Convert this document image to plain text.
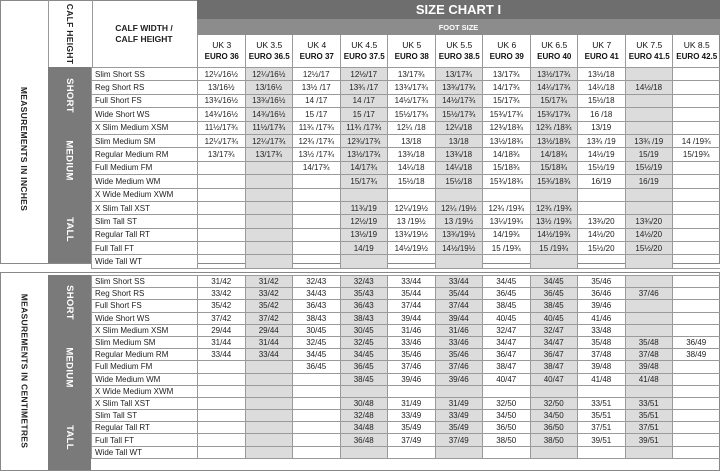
MEASUREMENTS IN INCHES
CALF HEIGHT	CALF WIDTH /
CALF HEIGHT
SIZE CHART I
FOOT SIZE
UK 3
EURO 36
UK 3.5
EURO 36.5
UK 4
EURO 37
UK 4.5
EURO 37.5
UK 5
EURO 38
UK 5.5
EURO 38.5
UK 6
EURO 39
UK 6.5
EURO 40
UK 7
EURO 41
UK 7.5
EURO 41.5
UK 8.5
EURO 42.5
SHORT
MEDIUM
TALL
Slim Short SS	12¼/16½	12¼/16½	12½/17	12½/17	13/17¾	13/17¾	13/17¾	13½/17¾	13½/18		
Reg Short RS	13/16½	13/16½	13½ /17	13¾ /17	13¾/17¾	13¾/17¾	14/17¾	14¼/17¾	14¼/18	14½/18	
Full Short FS	13¾/16½	13¾/16½	14 /17	14 /17	14½/17¾	14½/17¾	15/17¾	15/17¾	15½/18		
Wide Short WS	14¾/16½	14¾/16½	15 /17	15 /17	15½/17¾	15½/17¾	15¾/17¾	15¾/17¾	16 /18		
X Slim Medium XSM	11½/17¾	11½/17¾	11¾ /17¾	11¾ /17¾	12¼ /18	12¼/18	12¾/18¾	12¾ /18¾	13/19		
Slim Medium SM	12¼/17¾	12¼/17¾	12¾ /17¾	12¾/17¾	13/18	13/18	13½/18¾	13½/18¾	13¾ /19	13¾ /19	14 /19¾
Regular Medium RM	13/17¾	13/17¾	13½ /17¾	13½/17¾	13¾/18	13¾/18	14/18¾	14/18¾	14½/19	15/19	15/19¾
Full Medium FM			14/17¾	14/17¾	14¼/18	14¼/18	15/18¾	15/18¾	15½/19	15½/19	
Wide Medium WM				15/17¾	15½/18	15½/18	15¾/18¾	15¾/18¾	16/19	16/19	
X Wide Medium XWM											
X Slim Tall XST				11¾/19	12¼/19½	12¼ /19½	12¾ /19¾	12¾ /19¾			
Slim Tall ST				12½/19	13 /19½	13 /19½	13¼/19¾	13½ /19¾	13¾/20	13¾/20	
Regular Tall RT				13½/19	13¾/19½	13¾/19½	14/19¾	14½/19¾	14½/20	14½/20	
Full Tall FT				14/19	14½/19½	14½/19½	15 /19¾	15 /19¾	15½/20	15½/20	
Wide Tall WT											
MEASUREMENTS IN CENTIMETRES	SHORT
MEDIUM
TALL
Slim Short SS	31/42	31/42	32/43	32/43	33/44	33/44	34/45	34/45	35/46		
Reg Short RS	33/42	33/42	34/43	35/43	35/44	35/44	36/45	36/45	36/46	37/46	
Full Short FS	35/42	35/42	36/43	36/43	37/44	37/44	38/45	38/45	39/46		
Wide Short WS	37/42	37/42	38/43	38/43	39/44	39/44	40/45	40/45	41/46		
X Slim Medium XSM	29/44	29/44	30/45	30/45	31/46	31/46	32/47	32/47	33/48		
Slim Medium SM	31/44	31/44	32/45	32/45	33/46	33/46	34/47	34/47	35/48	35/48	36/49
Regular Medium RM	33/44	33/44	34/45	34/45	35/46	35/46	36/47	36/47	37/48	37/48	38/49
Full Medium FM			36/45	36/45	37/46	37/46	38/47	38/47	39/48	39/48	
Wide Medium WM				38/45	39/46	39/46	40/47	40/47	41/48	41/48	
X Wide Medium XWM											
X Slim Tall XST				30/48	31/49	31/49	32/50	32/50	33/51	33/51	
Slim Tall ST				32/48	33/49	33/49	34/50	34/50	35/51	35/51	
Regular Tall RT				34/48	35/49	35/49	36/50	36/50	37/51	37/51	
Full Tall FT				36/48	37/49	37/49	38/50	38/50	39/51	39/51	
Wide Tall WT											
